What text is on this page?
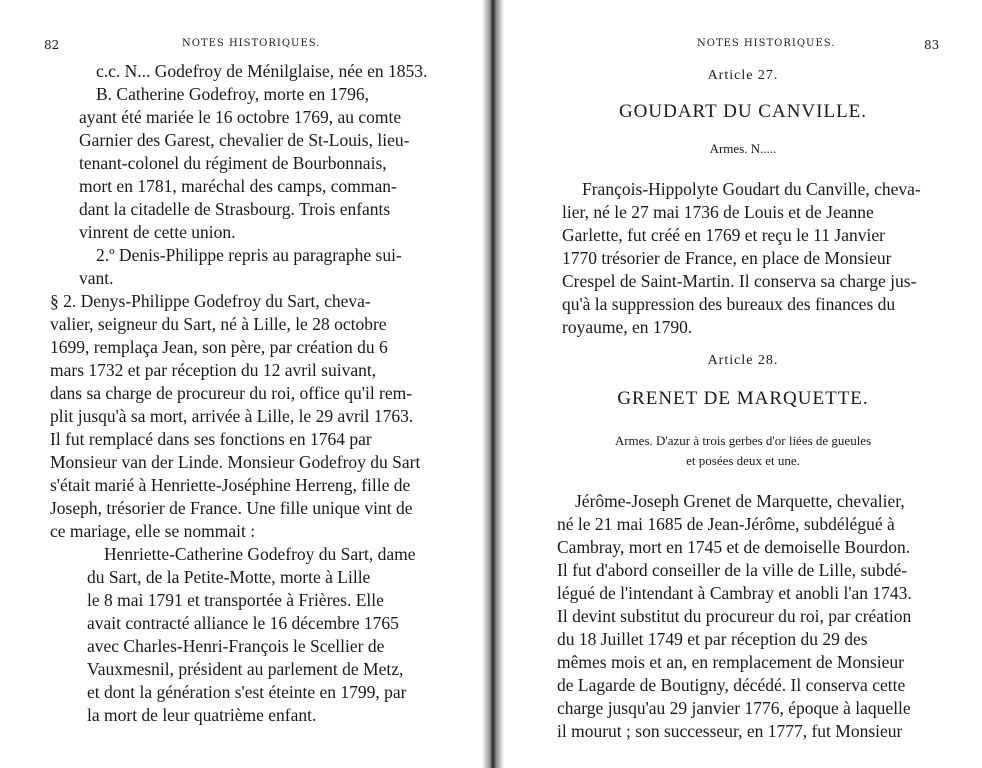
82	NOTES HISTORIQUES.
c.c. N... Godefroy de Ménilglaise, née en 1853.
B. Catherine Godefroy, morte en 1796,
ayant été mariée le 16 octobre 1769, au comte
Garnier des Garest, chevalier de St-Louis, lieu-
tenant-colonel du régiment de Bourbonnais,
mort en 1781, maréchal des camps, comman-
dant la citadelle de Strasbourg. Trois enfants
vinrent de cette union.
2.º Denis-Philippe repris au paragraphe sui-
vant.
§ 2. Denys-Philippe Godefroy du Sart, cheva-
valier, seigneur du Sart, né à Lille, le 28 octobre
1699, remplaça Jean, son père, par création du 6
mars 1732 et par réception du 12 avril suivant,
dans sa charge de procureur du roi, office qu'il rem-
plit jusqu'à sa mort, arrivée à Lille, le 29 avril 1763.
Il fut remplacé dans ses fonctions en 1764 par
Monsieur van der Linde. Monsieur Godefroy du Sart
s'était marié à Henriette-Joséphine Herreng, fille de
Joseph, trésorier de France. Une fille unique vint de
ce mariage, elle se nommait :
Henriette-Catherine Godefroy du Sart, dame
du Sart, de la Petite-Motte, morte à Lille
le 8 mai 1791 et transportée à Frières. Elle
avait contracté alliance le 16 décembre 1765
avec Charles-Henri-François le Scellier de
Vauxmesnil, président au parlement de Metz,
et dont la génération s'est éteinte en 1799, par
la mort de leur quatrième enfant.
NOTES HISTORIQUES.	83
Article 27.
GOUDART DU CANVILLE.
Armes. N.....
François-Hippolyte Goudart du Canville, cheva-
lier, né le 27 mai 1736 de Louis et de Jeanne
Garlette, fut créé en 1769 et reçu le 11 Janvier
1770 trésorier de France, en place de Monsieur
Crespel de Saint-Martin. Il conserva sa charge jus-
qu'à la suppression des bureaux des finances du
royaume, en 1790.
Article 28.
GRENET DE MARQUETTE.
Armes. D'azur à trois gerbes d'or liées de gueules
et posées deux et une.
Jérôme-Joseph Grenet de Marquette, chevalier,
né le 21 mai 1685 de Jean-Jérôme, subdélégué à
Cambray, mort en 1745 et de demoiselle Bourdon.
Il fut d'abord conseiller de la ville de Lille, subdé-
légué de l'intendant à Cambray et anobli l'an 1743.
Il devint substitut du procureur du roi, par création
du 18 Juillet 1749 et par réception du 29 des
mêmes mois et an, en remplacement de Monsieur
de Lagarde de Boutigny, décédé. Il conserva cette
charge jusqu'au 29 janvier 1776, époque à laquelle
il mourut ; son successeur, en 1777, fut Monsieur
